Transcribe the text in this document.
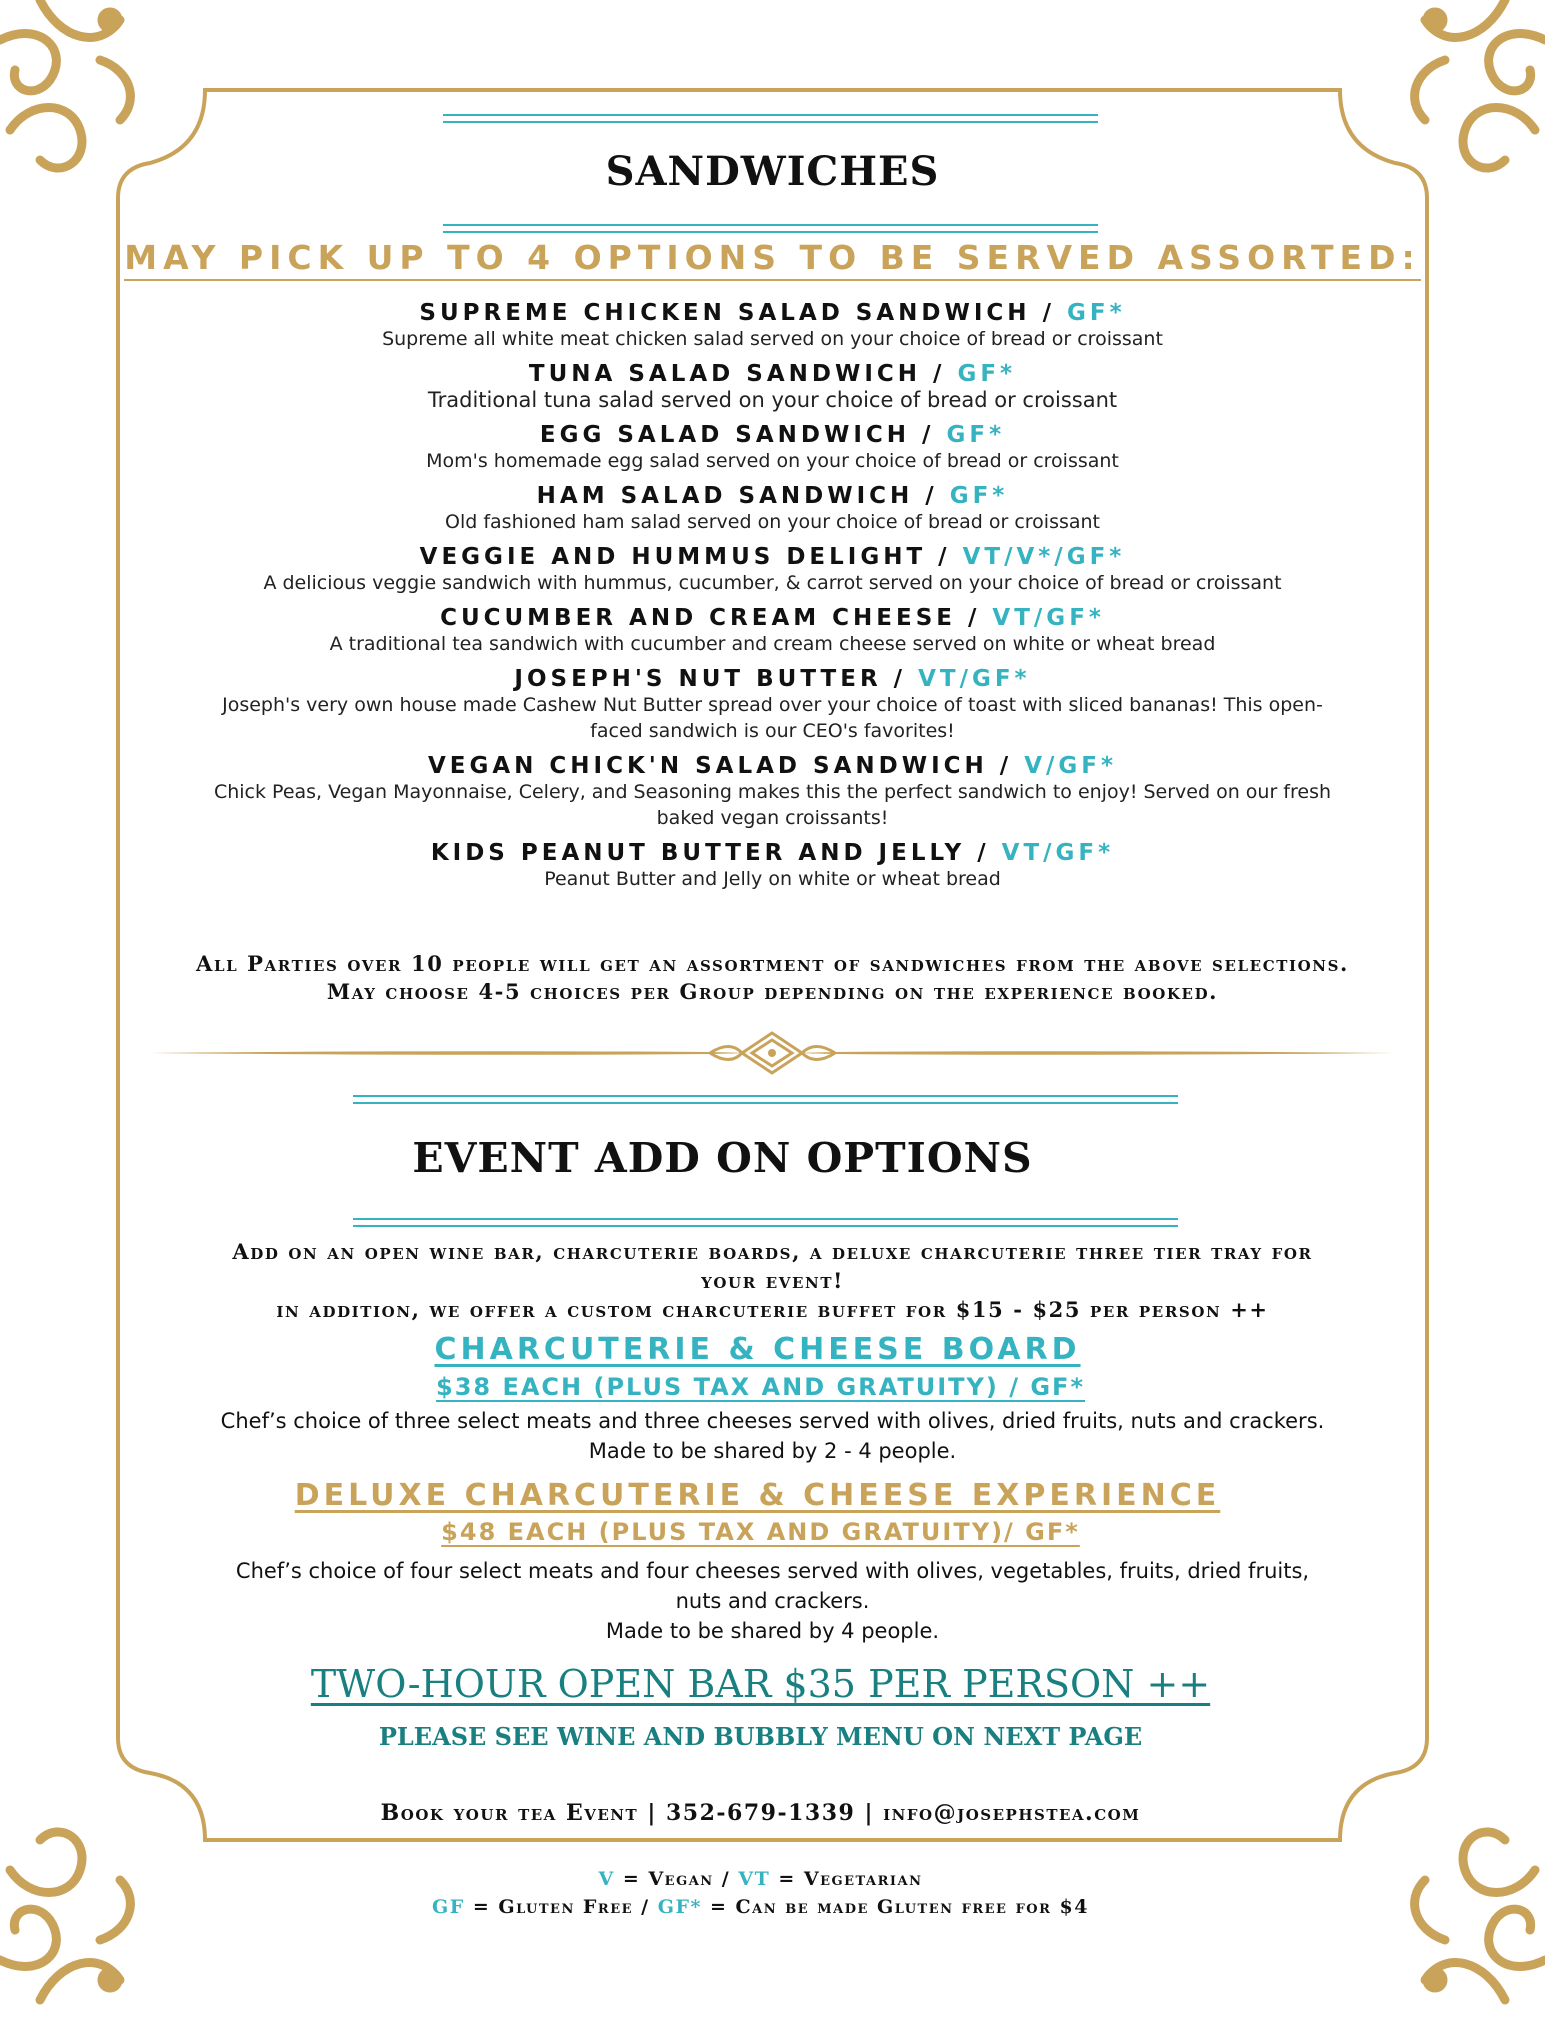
SANDWICHES
MAY PICK UP TO 4 OPTIONS TO BE SERVED ASSORTED:
SUPREME CHICKEN SALAD SANDWICH / GF*
Supreme all white meat chicken salad served on your choice of bread or croissant
TUNA SALAD SANDWICH / GF*
Traditional tuna salad served on your choice of bread or croissant
EGG SALAD SANDWICH / GF*
Mom's homemade egg salad served on your choice of bread or croissant
HAM SALAD SANDWICH / GF*
Old fashioned ham salad served on your choice of bread or croissant
VEGGIE AND HUMMUS DELIGHT / VT/V*/GF*
A delicious veggie sandwich with hummus, cucumber, & carrot served on your choice of bread or croissant
CUCUMBER AND CREAM CHEESE / VT/GF*
A traditional tea sandwich with cucumber and cream cheese served on white or wheat bread
JOSEPH'S NUT BUTTER / VT/GF*
Joseph's very own house made Cashew Nut Butter spread over your choice of toast with sliced bananas! This open-
faced sandwich is our CEO's favorites!
VEGAN CHICK'N SALAD SANDWICH / V/GF*
Chick Peas, Vegan Mayonnaise, Celery, and Seasoning makes this the perfect sandwich to enjoy! Served on our fresh
baked vegan croissants!
KIDS PEANUT BUTTER AND JELLY / VT/GF*
Peanut Butter and Jelly on white or wheat bread
All Parties over 10 people will get an assortment of sandwiches from the above selections.
May choose 4-5 choices per Group depending on the experience booked.
EVENT ADD ON OPTIONS
Add on an open wine bar, charcuterie boards, a deluxe charcuterie three tier tray for
your event!
in addition, we offer a custom charcuterie buffet for $15 - $25 per person ++
CHARCUTERIE & CHEESE BOARD
$38 EACH (PLUS TAX AND GRATUITY) / GF*
Chef’s choice of three select meats and three cheeses served with olives, dried fruits, nuts and crackers.
Made to be shared by 2 - 4 people.
DELUXE CHARCUTERIE & CHEESE EXPERIENCE
$48 EACH (PLUS TAX AND GRATUITY)/ GF*
Chef’s choice of four select meats and four cheeses served with olives, vegetables, fruits, dried fruits,
nuts and crackers.
Made to be shared by 4 people.
TWO-HOUR OPEN BAR $35 PER PERSON ++
PLEASE SEE WINE AND BUBBLY MENU ON NEXT PAGE
Book your tea Event | 352-679-1339 | info@josephstea.com
V = Vegan / VT = Vegetarian
GF = Gluten Free / GF* = Can be made Gluten free for $4
